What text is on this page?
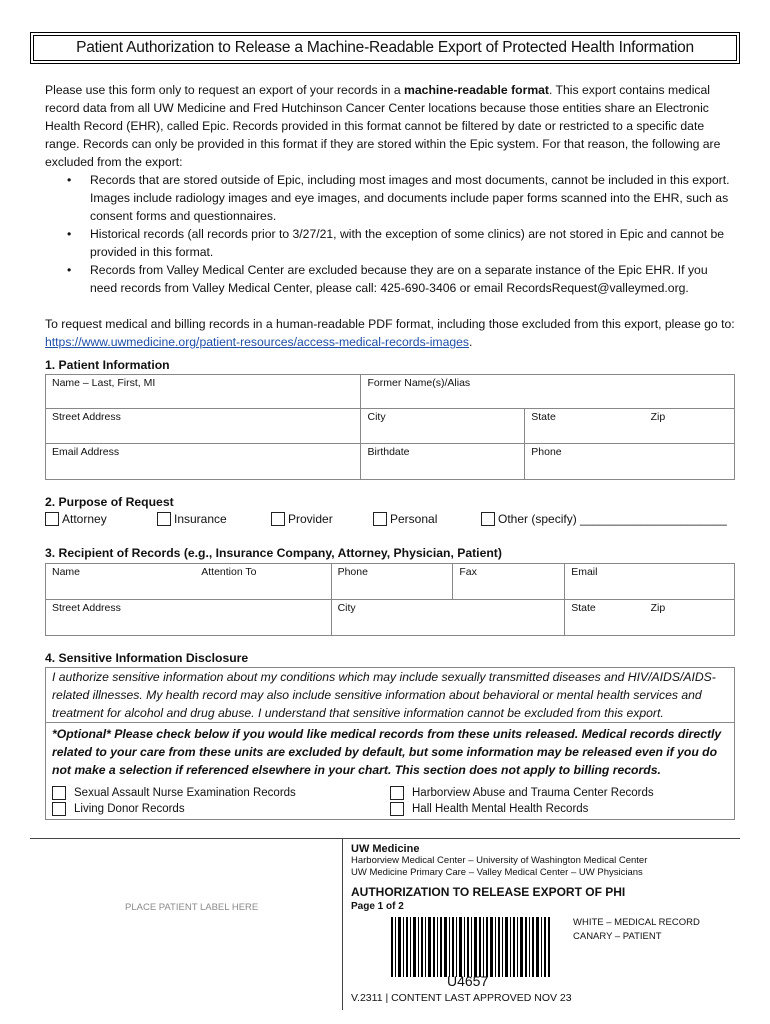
Patient Authorization to Release a Machine-Readable Export of Protected Health Information

Please use this form only to request an export of your records in a machine-readable format. This export contains medical record data from all UW Medicine and Fred Hutchinson Cancer Center locations because those entities share an Electronic Health Record (EHR), called Epic. Records provided in this format cannot be filtered by date or restricted to a specific date range. Records can only be provided in this format if they are stored within the Epic system. For that reason, the following are excluded from the export:

• Records that are stored outside of Epic, including most images and most documents, cannot be included in this export. Images include radiology images and eye images, and documents include paper forms scanned into the EHR, such as consent forms and questionnaires.
• Historical records (all records prior to 3/27/21, with the exception of some clinics) are not stored in Epic and cannot be provided in this format.
• Records from Valley Medical Center are excluded because they are on a separate instance of the Epic EHR. If you need records from Valley Medical Center, please call: 425-690-3406 or email RecordsRequest@valleymed.org.

To request medical and billing records in a human-readable PDF format, including those excluded from this export, please go to: https://www.uwmedicine.org/patient-resources/access-medical-records-images.

1. Patient Information
Name – Last, First, MI	Former Name(s)/Alias		
Street Address	City	State	Zip
Email Address	Birthdate	Phone	
2. Purpose of Request
Attorney	Insurance	Provider	Personal	Other (specify) ______________________
3. Recipient of Records (e.g., Insurance Company, Attorney, Physician, Patient)
Name	Attention To	Phone	Fax	Email	
Street Address		City		State	Zip
4. Sensitive Information Disclosure
I authorize sensitive information about my conditions which may include sexually transmitted diseases and HIV/AIDS/AIDS-related illnesses. My health record may also include sensitive information about behavioral or mental health services and treatment for alcohol and drug abuse. I understand that sensitive information cannot be excluded from this export.
*Optional* Please check below if you would like medical records from these units released. Medical records directly related to your care from these units are excluded by default, but some information may be released even if you do not make a selection if referenced elsewhere in your chart. This section does not apply to billing records.
Sexual Assault Nurse Examination Records
Living Donor Records
Harborview Abuse and Trauma Center Records
Hall Health Mental Health Records
PLACE PATIENT LABEL HERE
UW Medicine
Harborview Medical Center – University of Washington Medical Center
UW Medicine Primary Care – Valley Medical Center – UW Physicians
AUTHORIZATION TO RELEASE EXPORT OF PHI
Page 1 of 2
U4657
WHITE – MEDICAL RECORD
CANARY – PATIENT
V.2311 | CONTENT LAST APPROVED NOV 23
